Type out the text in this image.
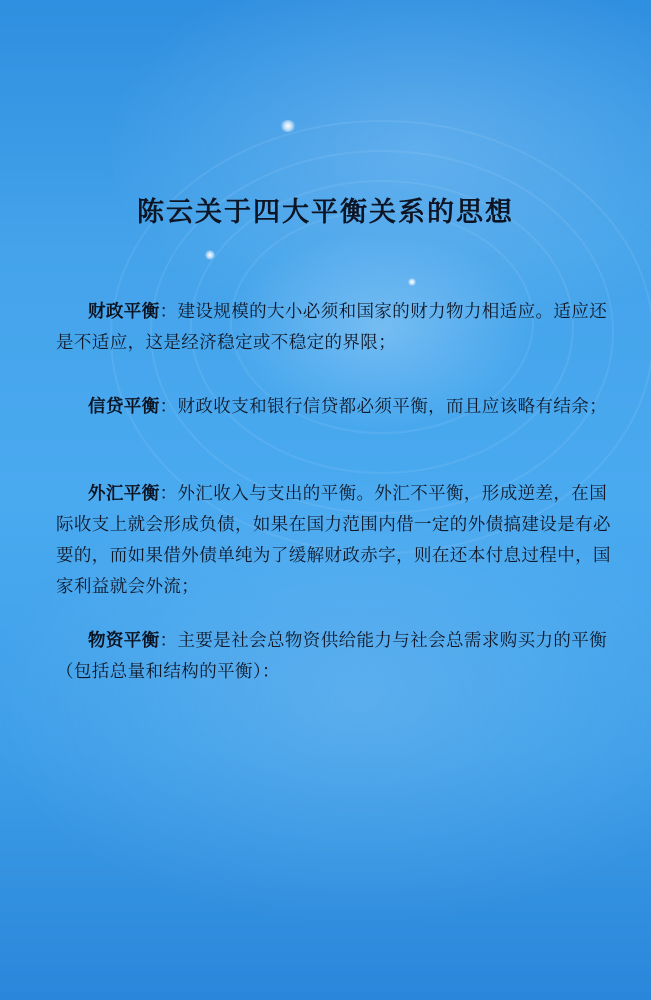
陈云关于四大平衡关系的思想

财政平衡：建设规模的大小必须和国家的财力物力相适应。适应还是不适应，这是经济稳定或不稳定的界限；

信贷平衡：财政收支和银行信贷都必须平衡，而且应该略有结余；

外汇平衡：外汇收入与支出的平衡。外汇不平衡，形成逆差，在国际收支上就会形成负债，如果在国力范围内借一定的外债搞建设是有必要的，而如果借外债单纯为了缓解财政赤字，则在还本付息过程中，国家利益就会外流；

物资平衡：主要是社会总物资供给能力与社会总需求购买力的平衡（包括总量和结构的平衡）：
